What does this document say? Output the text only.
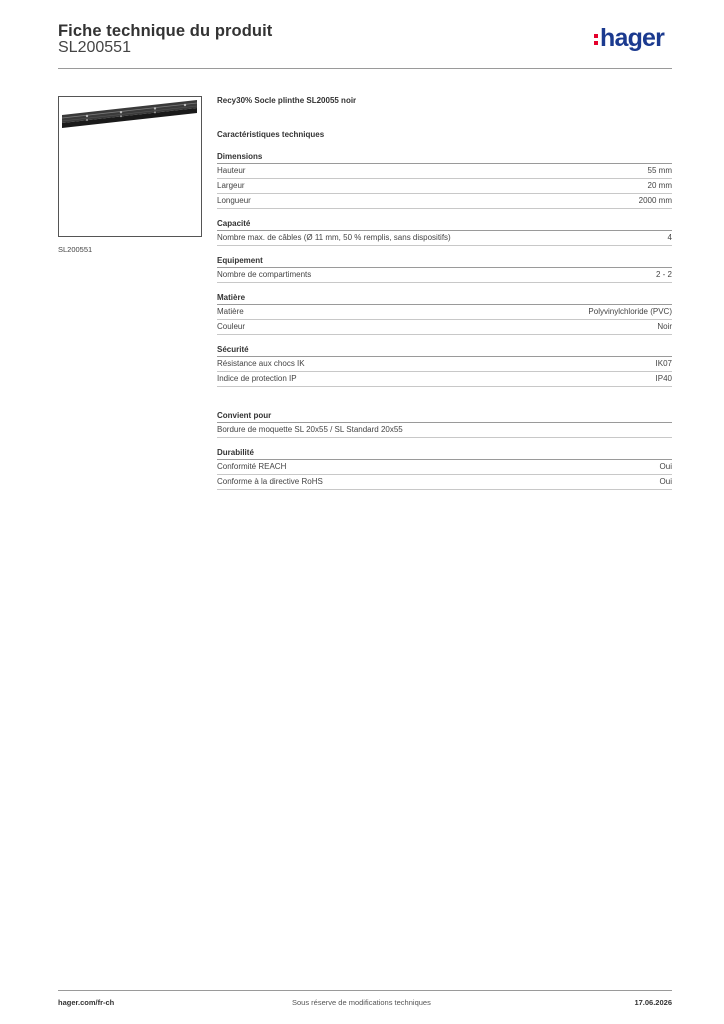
Fiche technique du produit
SL200551	hager
SL200551
Recy30% Socle plinthe SL20055 noir
Caractéristiques techniques
Dimensions
Hauteur	55 mm
Largeur	20 mm
Longueur	2000 mm
Capacité
Nombre max. de câbles (Ø 11 mm, 50 % remplis, sans dispositifs)	4
Equipement
Nombre de compartiments	2 - 2
Matière
Matière	Polyvinylchloride (PVC)
Couleur	Noir
Sécurité
Résistance aux chocs IK	IK07
Indice de protection IP	IP40
Convient pour
Bordure de moquette SL 20x55 / SL Standard 20x55
Durabilité
Conformité REACH	Oui
Conforme à la directive RoHS	Oui
hager.com/fr-ch	Sous réserve de modifications techniques	17.06.2026
